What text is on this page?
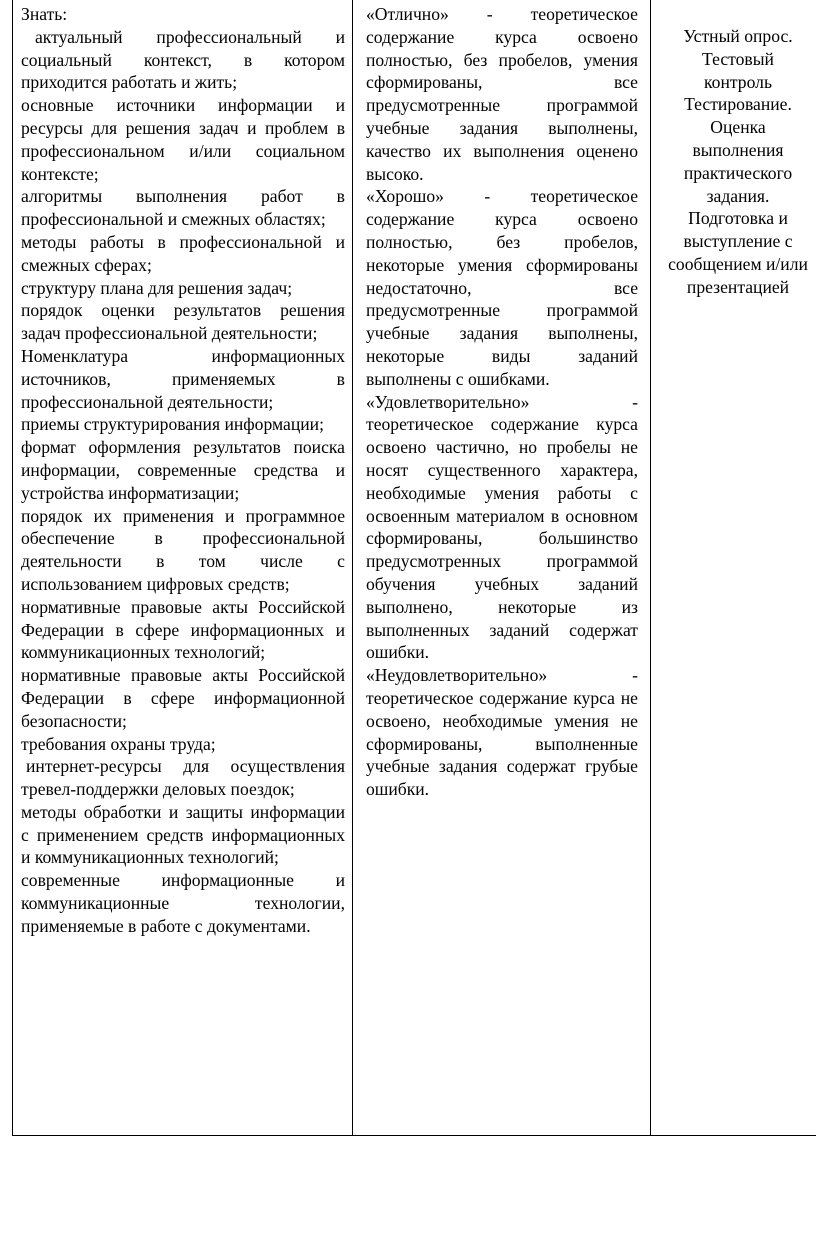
Знать:
актуальный профессиональный и социальный контекст, в котором приходится работать и жить;
основные источники информации и ресурсы для решения задач и проблем в профессиональном и/или социальном контексте;
алгоритмы выполнения работ в профессиональной и смежных областях;
методы работы в профессиональной и смежных сферах;
структуру плана для решения задач;
порядок оценки результатов решения задач профессиональной деятельности;
Номенклатура информационных источников, применяемых в профессиональной деятельности;
приемы структурирования информации;
формат оформления результатов поиска информации, современные средства и устройства информатизации;
порядок их применения и программное обеспечение в профессиональной деятельности в том числе с использованием цифровых средств;
нормативные правовые акты Российской Федерации в сфере информационных и коммуникационных технологий;
нормативные правовые акты Российской Федерации в сфере информационной безопасности;
требования охраны труда;
интернет-ресурсы для осуществления тревел-поддержки деловых поездок;
методы обработки и защиты информации с применением средств информационных и коммуникационных технологий;
современные информационные и коммуникационные технологии, применяемые в работе с документами.

«Отлично» - теоретическое содержание курса освоено полностью, без пробелов, умения сформированы, все предусмотренные программой учебные задания выполнены, качество их выполнения оценено высоко.
«Хорошо» - теоретическое содержание курса освоено полностью, без пробелов, некоторые умения сформированы недостаточно, все предусмотренные программой учебные задания выполнены, некоторые виды заданий выполнены с ошибками.
«Удовлетворительно» - теоретическое содержание курса освоено частично, но пробелы не носят существенного характера, необходимые умения работы с освоенным материалом в основном сформированы, большинство предусмотренных программой обучения учебных заданий выполнено, некоторые из выполненных заданий содержат ошибки.
«Неудовлетворительно» - теоретическое содержание курса не освоено, необходимые умения не сформированы, выполненные учебные задания содержат грубые ошибки.

Устный опрос.
Тестовый
контроль
Тестирование.
Оценка
выполнения
практического
задания.
Подготовка и
выступление с
сообщением и/или
презентацией
